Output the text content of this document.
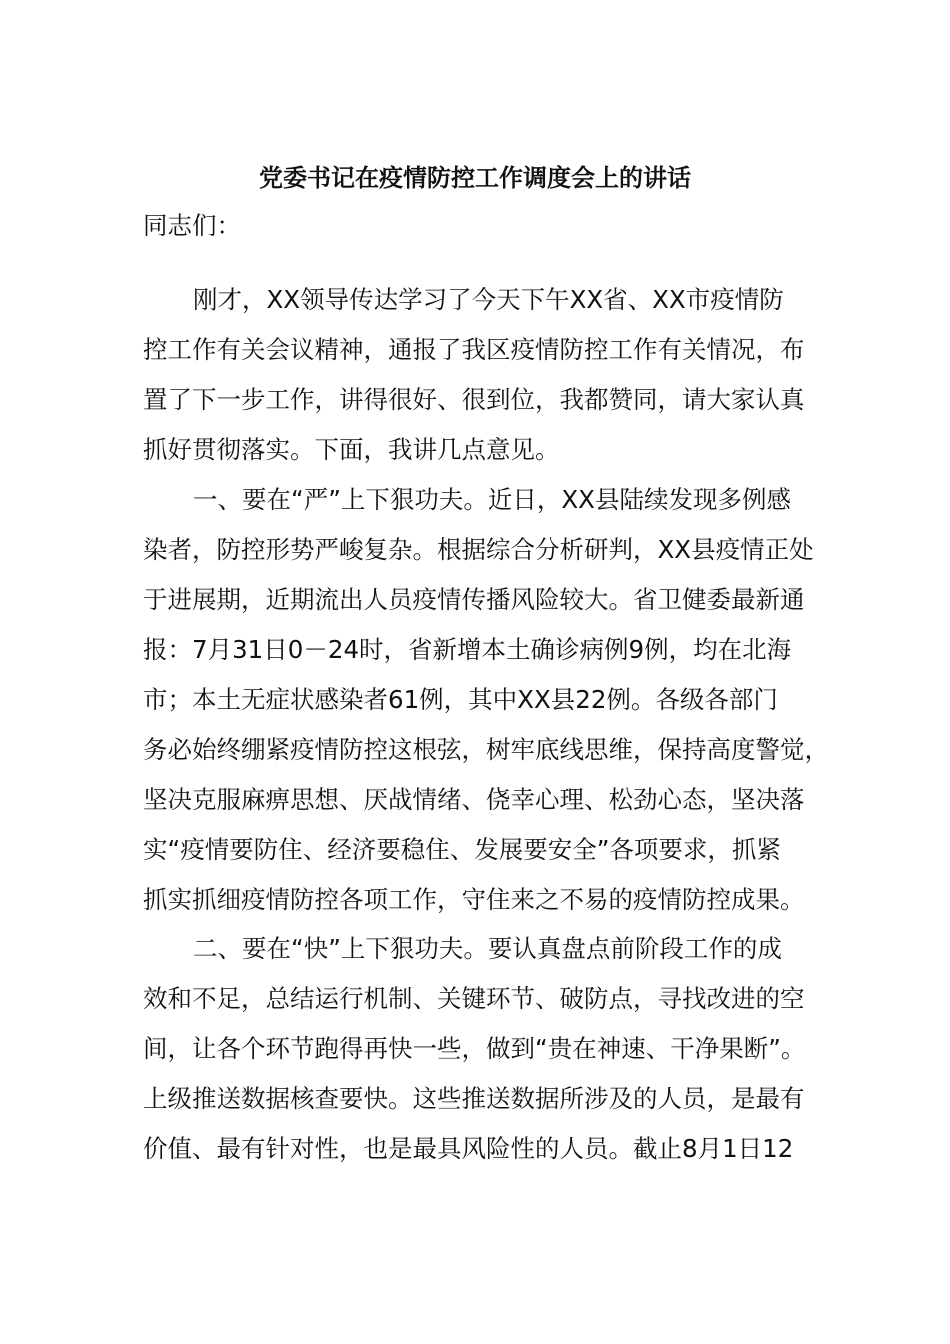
党委书记在疫情防控工作调度会上的讲话

同志们：

刚才，XX领导传达学习了今天下午XX省、XX市疫情防

控工作有关会议精神，通报了我区疫情防控工作有关情况，布

置了下一步工作，讲得很好、很到位，我都赞同，请大家认真

抓好贯彻落实。下面，我讲几点意见。

一、要在“严”上下狠功夫。近日，XX县陆续发现多例感

染者，防控形势严峻复杂。根据综合分析研判，XX县疫情正处

于进展期，近期流出人员疫情传播风险较大。省卫健委最新通

报：7月31日0－24时，省新增本土确诊病例9例，均在北海

市；本土无症状感染者61例，其中XX县22例。各级各部门

务必始终绷紧疫情防控这根弦，树牢底线思维，保持高度警觉，

坚决克服麻痹思想、厌战情绪、侥幸心理、松劲心态，坚决落

实“疫情要防住、经济要稳住、发展要安全”各项要求，抓紧

抓实抓细疫情防控各项工作，守住来之不易的疫情防控成果。

二、要在“快”上下狠功夫。要认真盘点前阶段工作的成

效和不足，总结运行机制、关键环节、破防点，寻找改进的空

间，让各个环节跑得再快一些，做到“贵在神速、干净果断”。

上级推送数据核查要快。这些推送数据所涉及的人员，是最有

价值、最有针对性，也是最具风险性的人员。截止8月1日12
